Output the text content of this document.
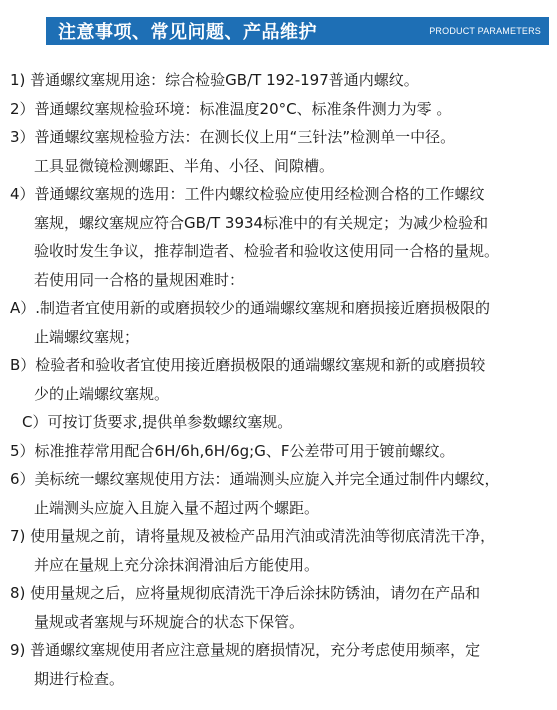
注意事项、常见问题、产品维护	PRODUCT PARAMETERS
1) 普通螺纹塞规用途：综合检验GB/T 192-197普通内螺纹。
2）普通螺纹塞规检验环境：标准温度20°C、标准条件测力为零 。
3）普通螺纹塞规检验方法：在测长仪上用“三针法”检测单一中径。
工具显微镜检测螺距、半角、小径、间隙槽。
4）普通螺纹塞规的选用：工件内螺纹检验应使用经检测合格的工作螺纹
塞规，螺纹塞规应符合GB/T 3934标准中的有关规定；为减少检验和
验收时发生争议，推荐制造者、检验者和验收这使用同一合格的量规。
若使用同一合格的量规困难时：
A）.制造者宜使用新的或磨损较少的通端螺纹塞规和磨损接近磨损极限的
止端螺纹塞规；
B）检验者和验收者宜使用接近磨损极限的通端螺纹塞规和新的或磨损较
少的止端螺纹塞规。
C）可按订货要求,提供单参数螺纹塞规。
5）标准推荐常用配合6H/6h,6H/6g;G、F公差带可用于镀前螺纹。
6）美标统一螺纹塞规使用方法：通端测头应旋入并完全通过制件内螺纹，
止端测头应旋入且旋入量不超过两个螺距。
7) 使用量规之前，请将量规及被检产品用汽油或清洗油等彻底清洗干净，
并应在量规上充分涂抹润滑油后方能使用。
8) 使用量规之后，应将量规彻底清洗干净后涂抹防锈油，请勿在产品和
量规或者塞规与环规旋合的状态下保管。
9) 普通螺纹塞规使用者应注意量规的磨损情况，充分考虑使用频率，定
期进行检查。
